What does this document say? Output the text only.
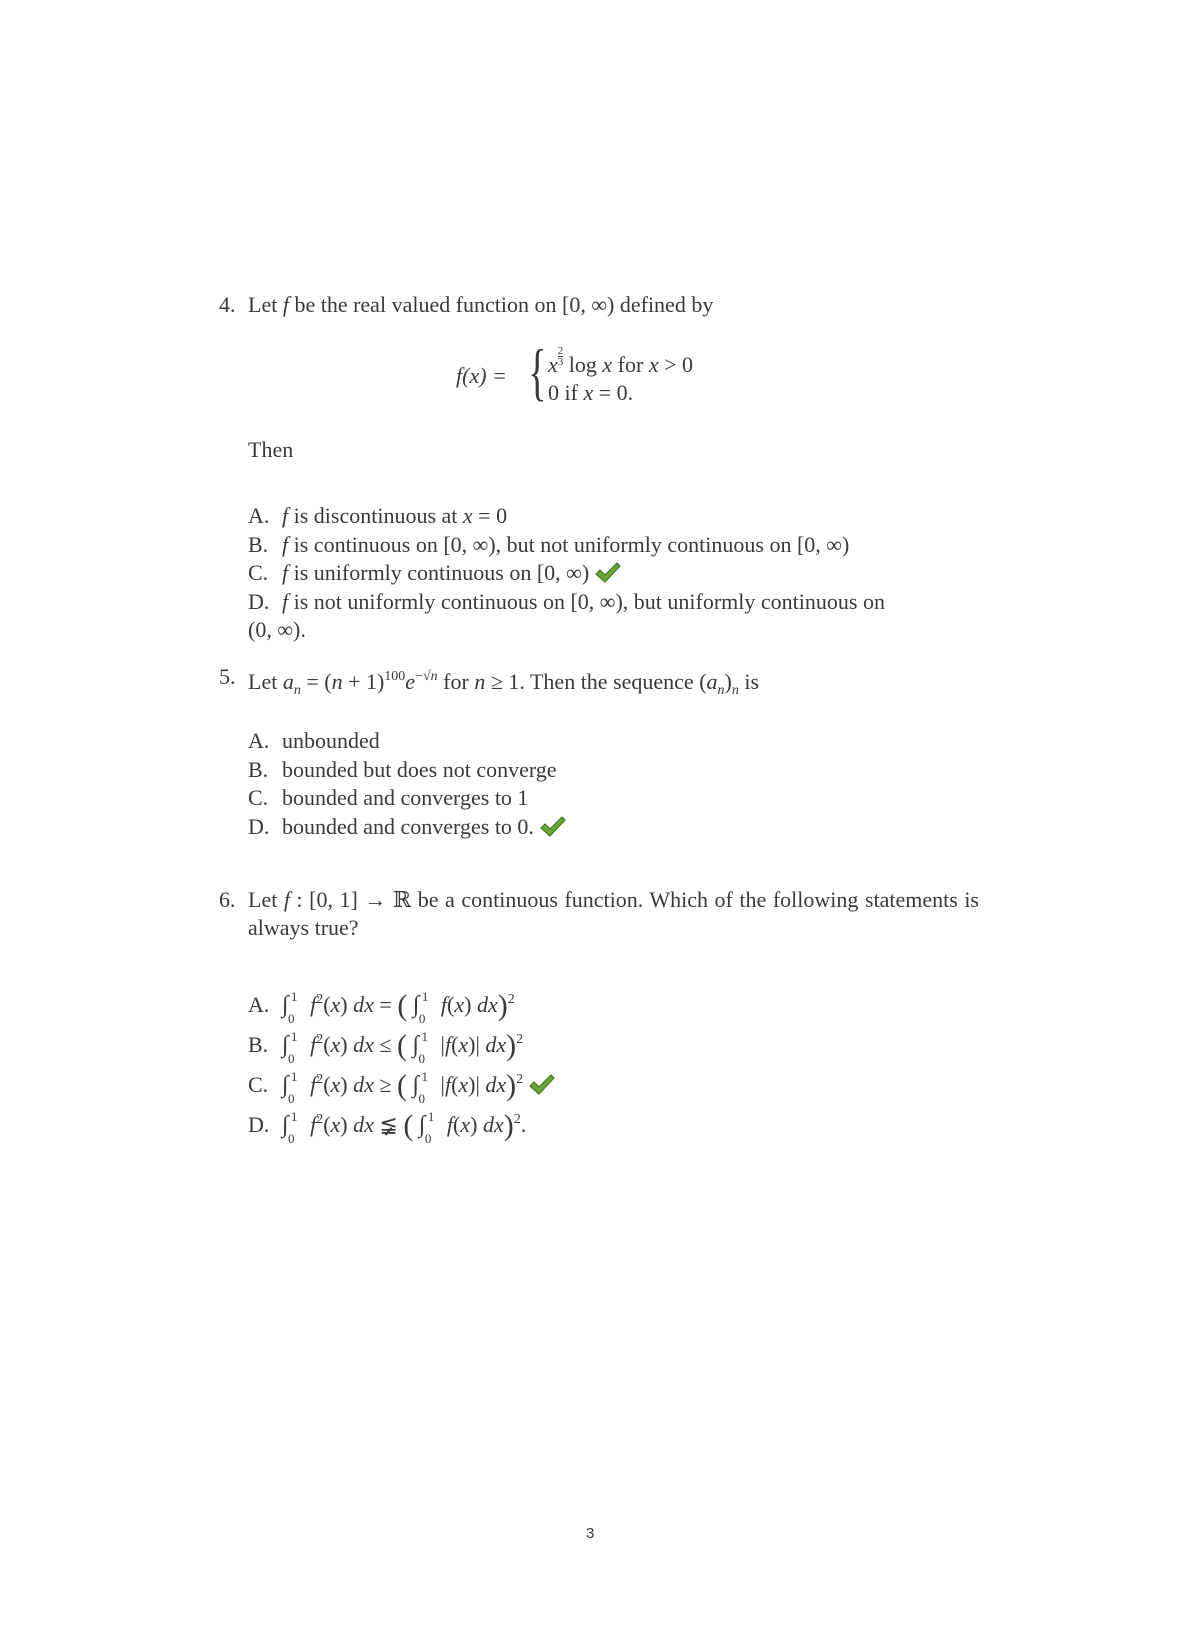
4. Let f be the real valued function on [0, ∞) defined by
f(x) = { x $\frac{2}{3}$ log x for x > 0
0 if x = 0.
Then
A. f is discontinuous at x = 0
B. f is continuous on [0, ∞), but not uniformly continuous on [0, ∞)
C. f is uniformly continuous on [0, ∞)
D. f is not uniformly continuous on [0, ∞), but uniformly continuous on
(0, ∞).
5. Let $a_n = (n + 1)^{100}e^{-√n}$ for n ≥ 1. Then the sequence $(a_n)_n$ is
A. unbounded
B. bounded but does not converge
C. bounded and converges to 1
D. bounded and converges to 0.
6. Let f : [0, 1] → ℝ be a continuous function. Which of the following statements is always true?
A. ∫ 1
0
$f^2(x)$ dx = ( ∫ 1
0
f(x) dx)$^2$
B. ∫ 1
0
$f^2(x)$ dx ≤ ( ∫ 1
0
|f(x)| dx)$^2$
C. ∫ 1
0
$f^2(x)$ dx ≥ ( ∫ 1
0
|f(x)| dx)$^2$
D. ∫ 1
0
$f^2(x)$ dx ≨ ( ∫ 1
0
f(x) dx)$^2$.
3
